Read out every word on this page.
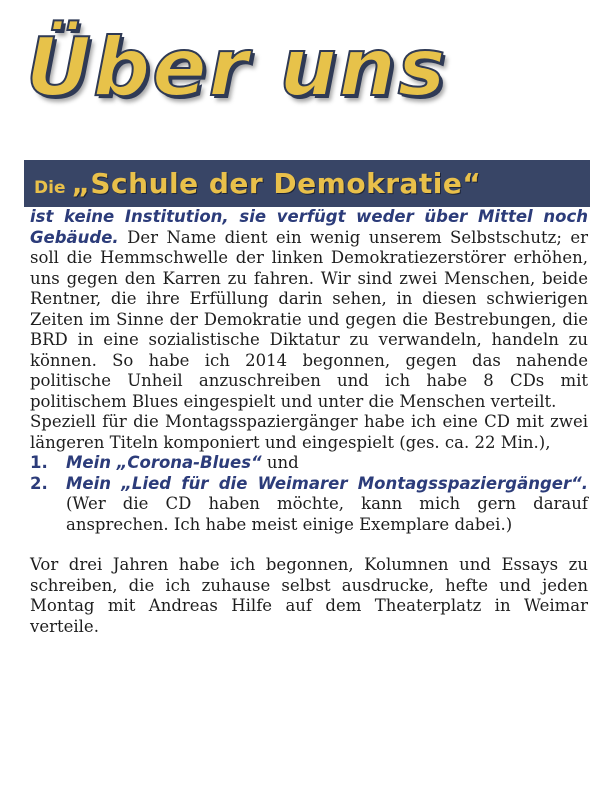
Über uns
Die „Schule der Demokratie“

ist keine Institution, sie verfügt weder über Mittel noch Gebäude. Der Name dient ein wenig unserem Selbstschutz; er soll die Hemmschwelle der linken Demokratiezerstörer erhöhen, uns gegen den Karren zu fahren. Wir sind zwei Menschen, beide Rentner, die ihre Erfüllung darin sehen, in diesen schwierigen Zeiten im Sinne der Demokratie und gegen die Bestrebungen, die BRD in eine sozialistische Diktatur zu verwandeln, handeln zu können. So habe ich 2014 begonnen, gegen das nahende politische Unheil anzuschreiben und ich habe 8 CDs mit politischem Blues eingespielt und unter die Menschen verteilt.

Speziell für die Montagsspaziergänger habe ich eine CD mit zwei längeren Titeln komponiert und eingespielt (ges. ca. 22 Min.),

1. Mein „Corona-Blues“ und
2. Mein „Lied für die Weimarer Montagsspaziergänger“. (Wer die CD haben möchte, kann mich gern darauf ansprechen. Ich habe meist einige Exemplare dabei.)

Vor drei Jahren habe ich begonnen, Kolumnen und Essays zu schreiben, die ich zuhause selbst ausdrucke, hefte und jeden Montag mit Andreas Hilfe auf dem Theaterplatz in Weimar verteile.
